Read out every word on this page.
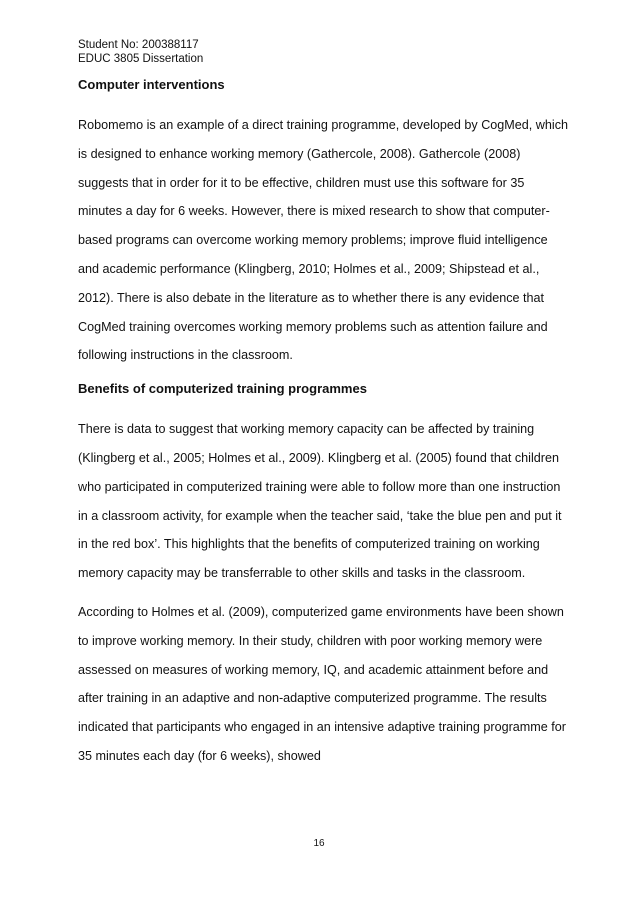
Student No: 200388117
EDUC 3805 Dissertation
Computer interventions

Robomemo is an example of a direct training programme, developed by CogMed, which is designed to enhance working memory (Gathercole, 2008). Gathercole (2008) suggests that in order for it to be effective, children must use this software for 35 minutes a day for 6 weeks. However, there is mixed research to show that computer-based programs can overcome working memory problems; improve fluid intelligence and academic performance (Klingberg, 2010; Holmes et al., 2009; Shipstead et al., 2012). There is also debate in the literature as to whether there is any evidence that CogMed training overcomes working memory problems such as attention failure and following instructions in the classroom.

Benefits of computerized training programmes

There is data to suggest that working memory capacity can be affected by training (Klingberg et al., 2005; Holmes et al., 2009). Klingberg et al. (2005) found that children who participated in computerized training were able to follow more than one instruction in a classroom activity, for example when the teacher said, ‘take the blue pen and put it in the red box’. This highlights that the benefits of computerized training on working memory capacity may be transferrable to other skills and tasks in the classroom.

According to Holmes et al. (2009), computerized game environments have been shown to improve working memory. In their study, children with poor working memory were assessed on measures of working memory, IQ, and academic attainment before and after training in an adaptive and non-adaptive computerized programme. The results indicated that participants who engaged in an intensive adaptive training programme for 35 minutes each day (for 6 weeks), showed

16
